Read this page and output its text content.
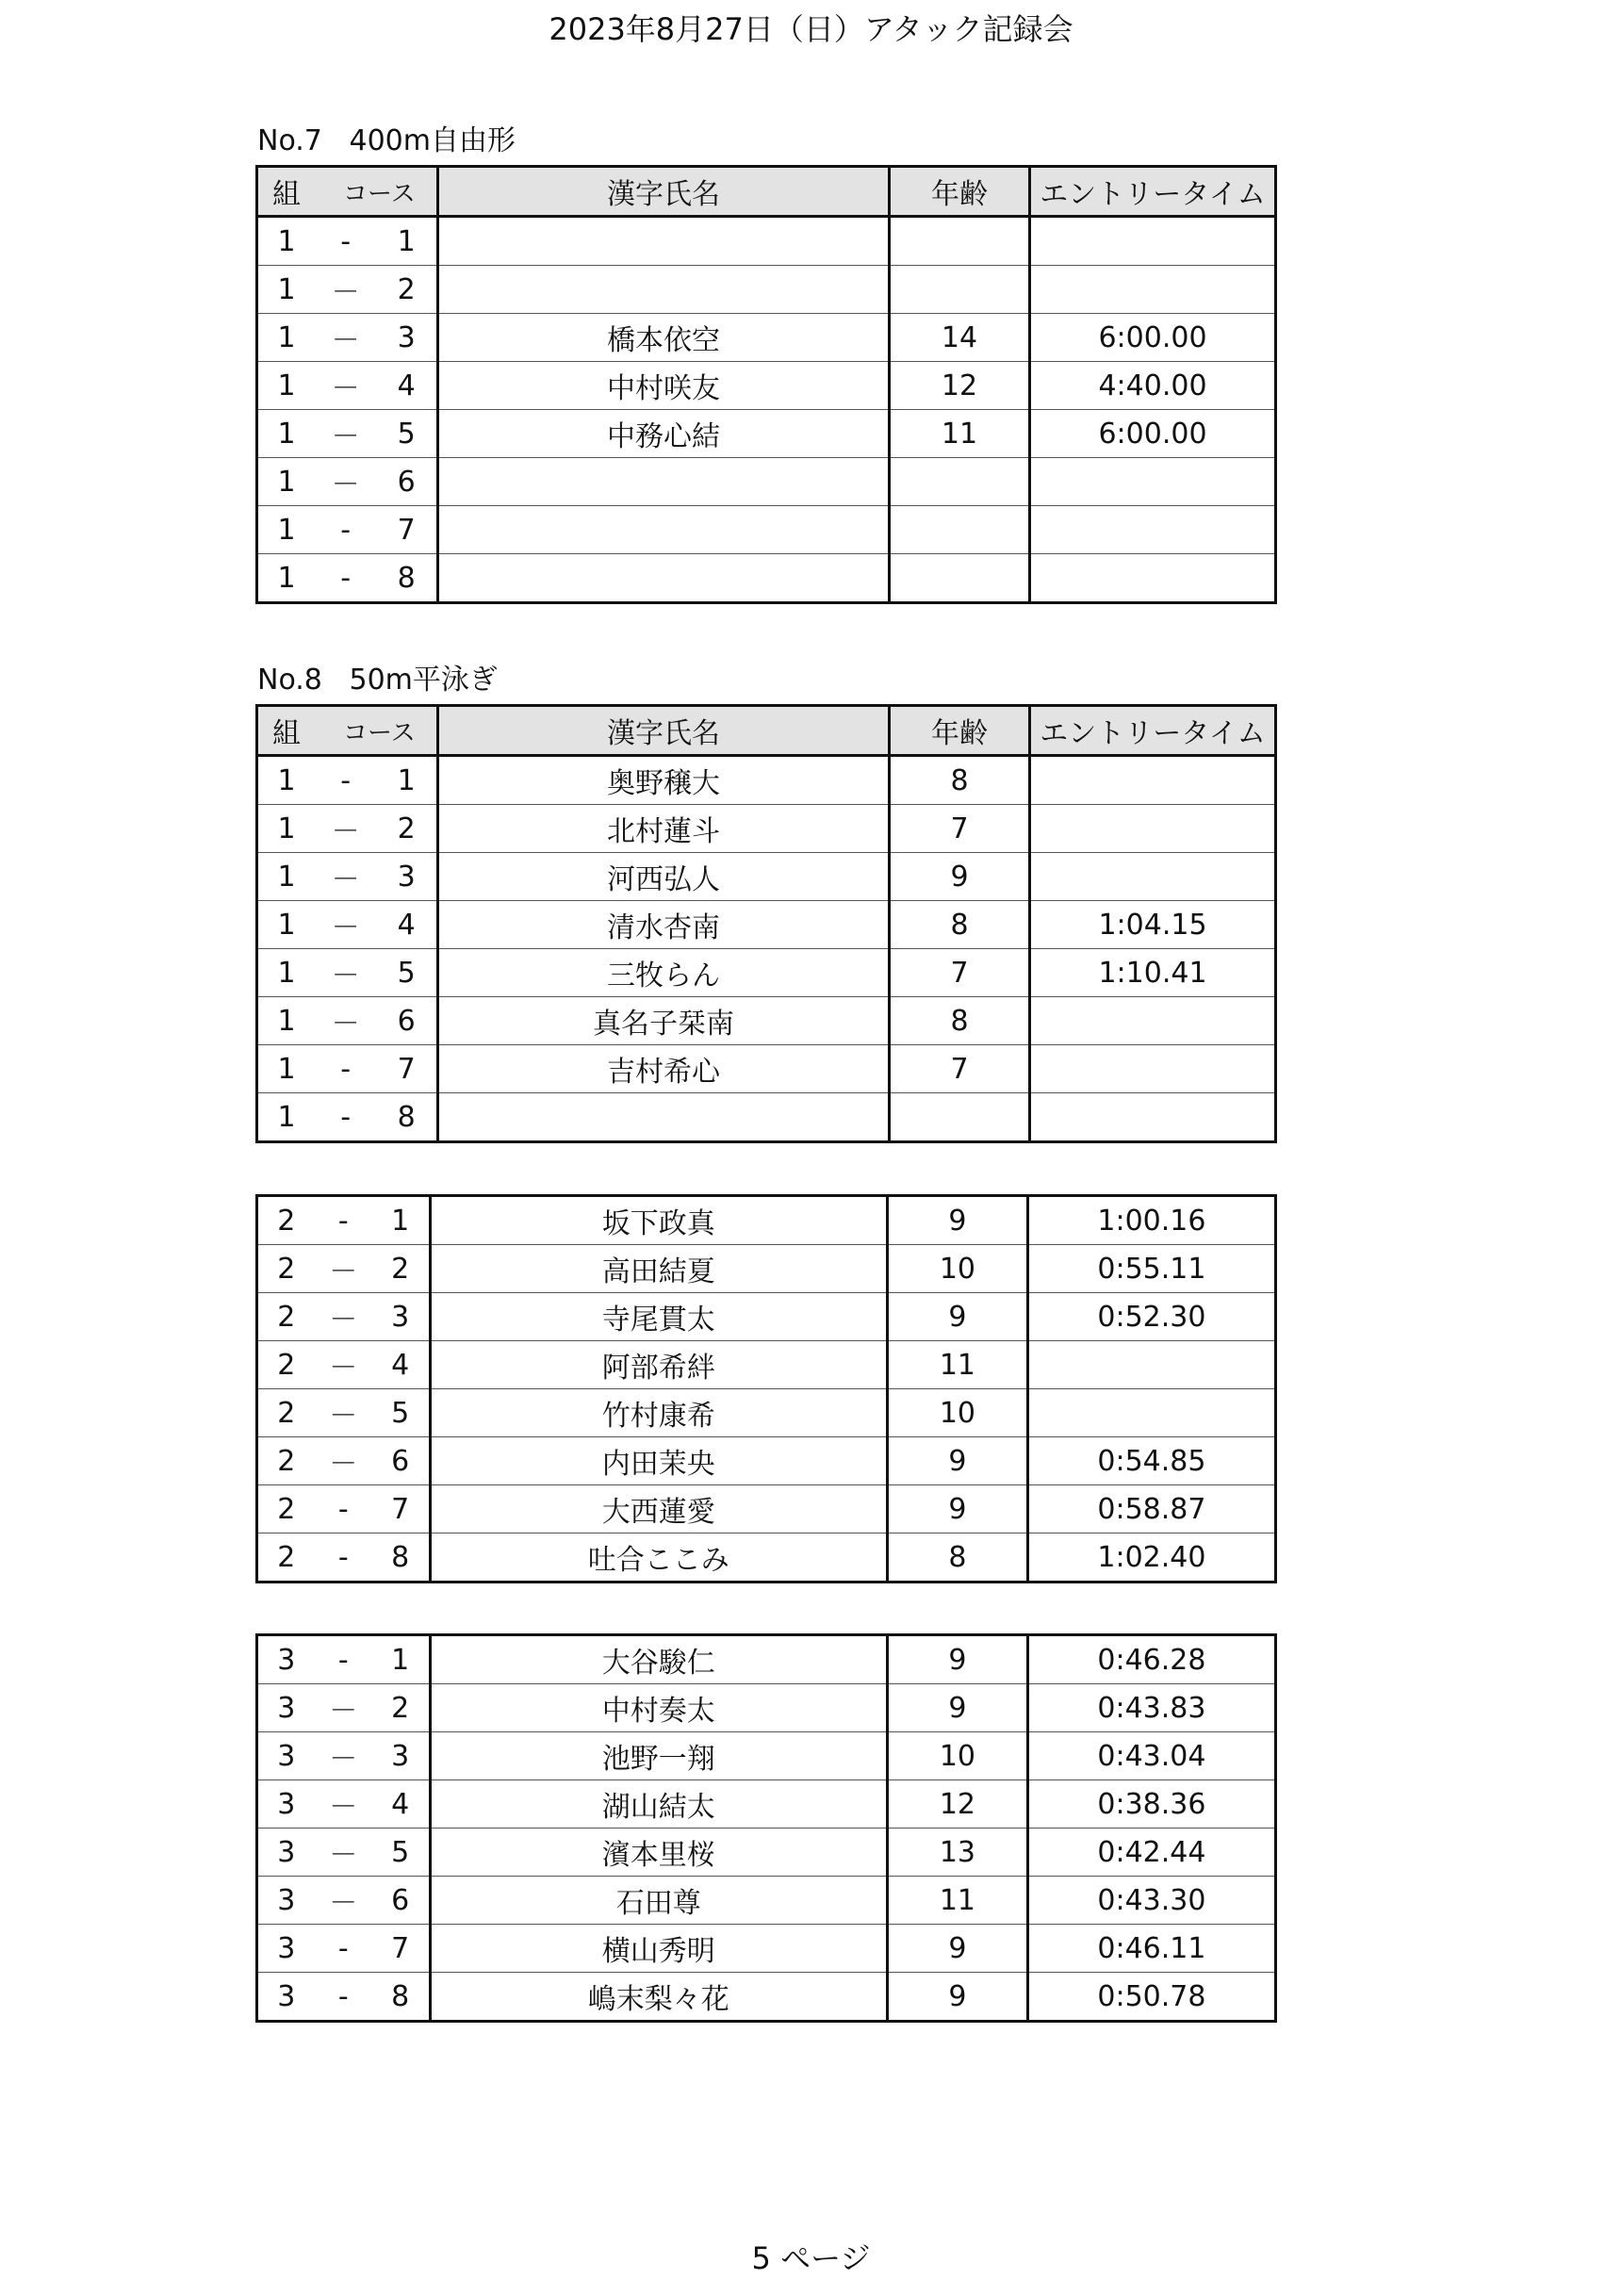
2023年8月27日（日）アタック記録会
No.7   400m自由形
組	コース		漢字氏名	年齢	エントリータイム
1	-	1			
1	－	2			
1	－	3	橋本依空	14	6:00.00
1	－	4	中村咲友	12	4:40.00
1	－	5	中務心結	11	6:00.00
1	－	6			
1	-	7			
1	-	8			
No.8   50m平泳ぎ
組	コース		漢字氏名	年齢	エントリータイム
1	-	1	奥野穣大	8	
1	－	2	北村蓮斗	7	
1	－	3	河西弘人	9	
1	－	4	清水杏南	8	1:04.15
1	－	5	三牧らん	7	1:10.41
1	－	6	真名子栞南	8	
1	-	7	吉村希心	7	
1	-	8			
2	-	1	坂下政真	9	1:00.16
2	－	2	高田結夏	10	0:55.11
2	－	3	寺尾貫太	9	0:52.30
2	－	4	阿部希絆	11	
2	－	5	竹村康希	10	
2	－	6	内田茉央	9	0:54.85
2	-	7	大西蓮愛	9	0:58.87
2	-	8	吐合ここみ	8	1:02.40
3	-	1	大谷駿仁	9	0:46.28
3	－	2	中村奏太	9	0:43.83
3	－	3	池野一翔	10	0:43.04
3	－	4	湖山結太	12	0:38.36
3	－	5	濱本里桜	13	0:42.44
3	－	6	石田尊	11	0:43.30
3	-	7	横山秀明	9	0:46.11
3	-	8	嶋末梨々花	9	0:50.78
5 ページ
